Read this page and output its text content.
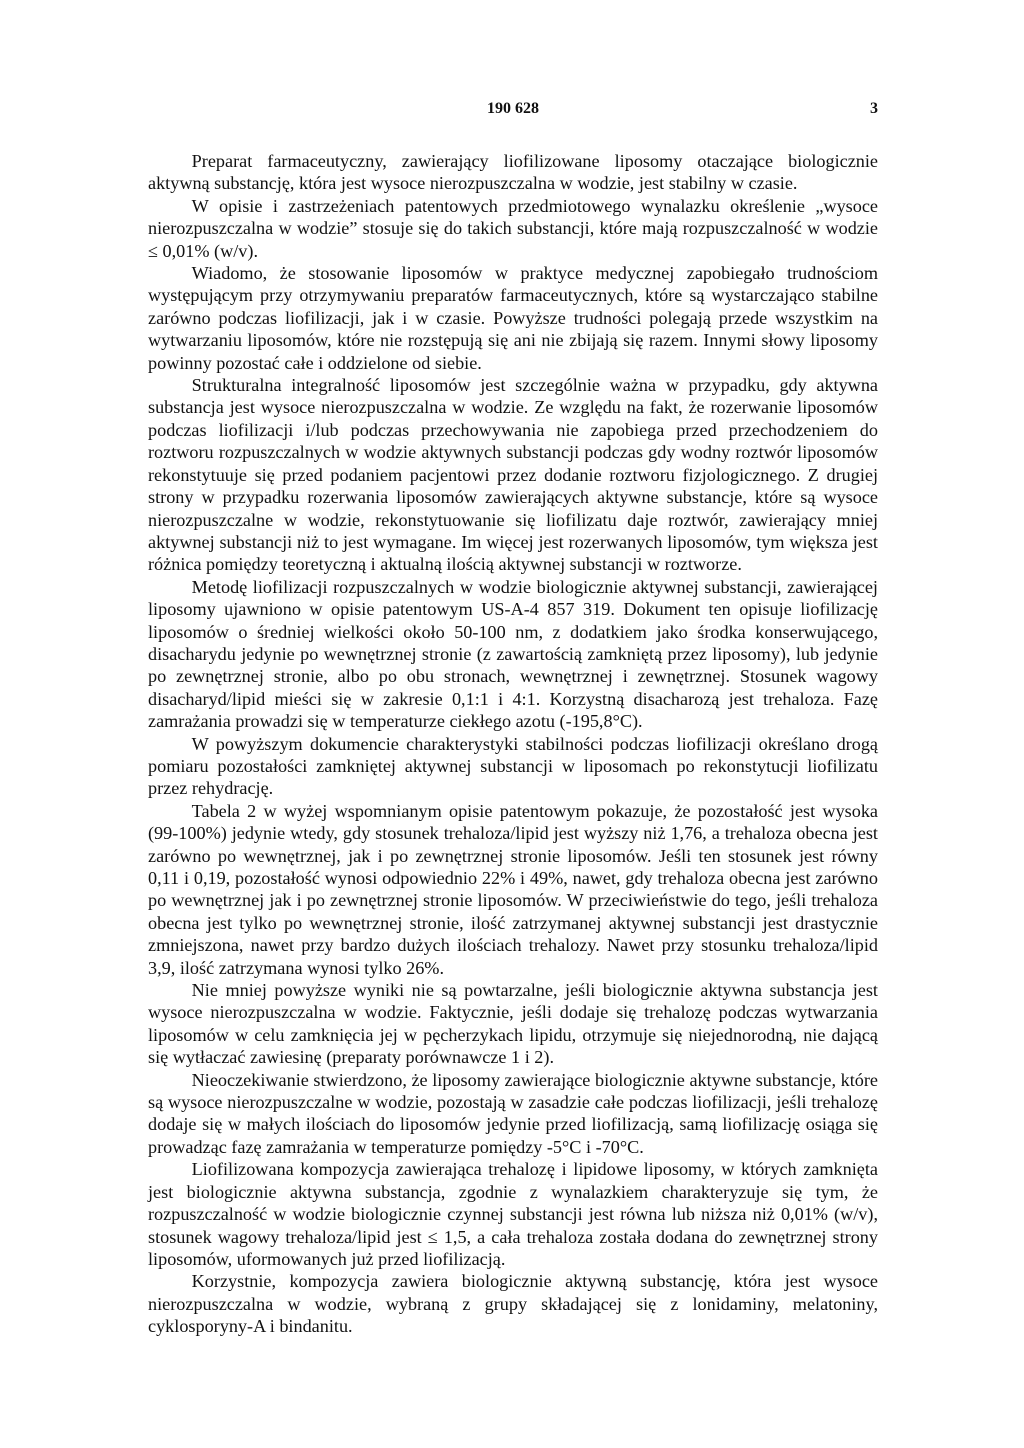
190 628	3

Preparat farmaceutyczny, zawierający liofilizowane liposomy otaczające biologicznie aktywną substancję, która jest wysoce nierozpuszczalna w wodzie, jest stabilny w czasie.

W opisie i zastrzeżeniach patentowych przedmiotowego wynalazku określenie „wysoce nierozpuszczalna w wodzie” stosuje się do takich substancji, które mają rozpuszczalność w wodzie ≤ 0,01% (w/v).

Wiadomo, że stosowanie liposomów w praktyce medycznej zapobiegało trudnościom występującym przy otrzymywaniu preparatów farmaceutycznych, które są wystarczająco stabilne zarówno podczas liofilizacji, jak i w czasie. Powyższe trudności polegają przede wszystkim na wytwarzaniu liposomów, które nie rozstępują się ani nie zbijają się razem. Innymi słowy liposomy powinny pozostać całe i oddzielone od siebie.

Strukturalna integralność liposomów jest szczególnie ważna w przypadku, gdy aktywna substancja jest wysoce nierozpuszczalna w wodzie. Ze względu na fakt, że rozerwanie liposomów podczas liofilizacji i/lub podczas przechowywania nie zapobiega przed przechodzeniem do roztworu rozpuszczalnych w wodzie aktywnych substancji podczas gdy wodny roztwór liposomów rekonstytuuje się przed podaniem pacjentowi przez dodanie roztworu fizjologicznego. Z drugiej strony w przypadku rozerwania liposomów zawierających aktywne substancje, które są wysoce nierozpuszczalne w wodzie, rekonstytuowanie się liofilizatu daje roztwór, zawierający mniej aktywnej substancji niż to jest wymagane. Im więcej jest rozerwanych liposomów, tym większa jest różnica pomiędzy teoretyczną i aktualną ilością aktywnej substancji w roztworze.

Metodę liofilizacji rozpuszczalnych w wodzie biologicznie aktywnej substancji, zawierającej liposomy ujawniono w opisie patentowym US-A-4 857 319. Dokument ten opisuje liofilizację liposomów o średniej wielkości około 50-100 nm, z dodatkiem jako środka konserwującego, disacharydu jedynie po wewnętrznej stronie (z zawartością zamkniętą przez liposomy), lub jedynie po zewnętrznej stronie, albo po obu stronach, wewnętrznej i zewnętrznej. Stosunek wagowy disacharyd/lipid mieści się w zakresie 0,1:1 i 4:1. Korzystną disacharozą jest trehaloza. Fazę zamrażania prowadzi się w temperaturze ciekłego azotu (-195,8°C).

W powyższym dokumencie charakterystyki stabilności podczas liofilizacji określano drogą pomiaru pozostałości zamkniętej aktywnej substancji w liposomach po rekonstytucji liofilizatu przez rehydrację.

Tabela 2 w wyżej wspomnianym opisie patentowym pokazuje, że pozostałość jest wysoka (99-100%) jedynie wtedy, gdy stosunek trehaloza/lipid jest wyższy niż 1,76, a trehaloza obecna jest zarówno po wewnętrznej, jak i po zewnętrznej stronie liposomów. Jeśli ten stosunek jest równy 0,11 i 0,19, pozostałość wynosi odpowiednio 22% i 49%, nawet, gdy trehaloza obecna jest zarówno po wewnętrznej jak i po zewnętrznej stronie liposomów. W przeciwieństwie do tego, jeśli trehaloza obecna jest tylko po wewnętrznej stronie, ilość zatrzymanej aktywnej substancji jest drastycznie zmniejszona, nawet przy bardzo dużych ilościach trehalozy. Nawet przy stosunku trehaloza/lipid 3,9, ilość zatrzymana wynosi tylko 26%.

Nie mniej powyższe wyniki nie są powtarzalne, jeśli biologicznie aktywna substancja jest wysoce nierozpuszczalna w wodzie. Faktycznie, jeśli dodaje się trehalozę podczas wytwarzania liposomów w celu zamknięcia jej w pęcherzykach lipidu, otrzymuje się niejednorodną, nie dającą się wytłaczać zawiesinę (preparaty porównawcze 1 i 2).

Nieoczekiwanie stwierdzono, że liposomy zawierające biologicznie aktywne substancje, które są wysoce nierozpuszczalne w wodzie, pozostają w zasadzie całe podczas liofilizacji, jeśli trehalozę dodaje się w małych ilościach do liposomów jedynie przed liofilizacją, samą liofilizację osiąga się prowadząc fazę zamrażania w temperaturze pomiędzy -5°C i -70°C.

Liofilizowana kompozycja zawierająca trehalozę i lipidowe liposomy, w których zamknięta jest biologicznie aktywna substancja, zgodnie z wynalazkiem charakteryzuje się tym, że rozpuszczalność w wodzie biologicznie czynnej substancji jest równa lub niższa niż 0,01% (w/v), stosunek wagowy trehaloza/lipid jest ≤ 1,5, a cała trehaloza została dodana do zewnętrznej strony liposomów, uformowanych już przed liofilizacją.

Korzystnie, kompozycja zawiera biologicznie aktywną substancję, która jest wysoce nierozpuszczalna w wodzie, wybraną z grupy składającej się z lonidaminy, melatoniny, cyklosporyny-A i bindanitu.
